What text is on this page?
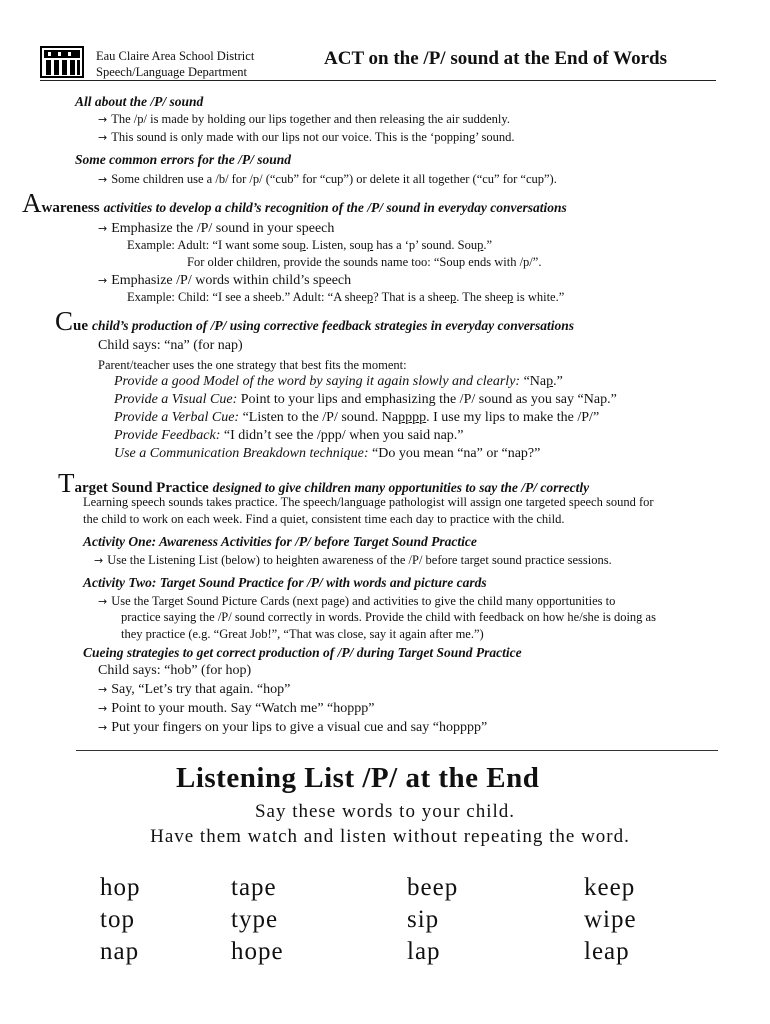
Eau Claire Area School District
Speech/Language Department
ACT on the /P/ sound at the End of Words
All about the /P/ sound
→ The /p/ is made by holding our lips together and then releasing the air suddenly.
→ This sound is only made with our lips not our voice. This is the ‘popping’ sound.
Some common errors for the /P/ sound
→ Some children use a /b/ for /p/ (“cub” for “cup”) or delete it all together (“cu” for “cup”).
Awareness activities to develop a child’s recognition of the /P/ sound in everyday conversations
→ Emphasize the /P/ sound in your speech
Example: Adult: “I want some soup. Listen, soup has a ‘p’ sound. Soup.”
For older children, provide the sounds name too: “Soup ends with /p/”.
→ Emphasize /P/ words within child’s speech
Example: Child: “I see a sheeb.” Adult: “A sheep? That is a sheep. The sheep is white.”
Cue child’s production of /P/ using corrective feedback strategies in everyday conversations
Child says: “na” (for nap)
Parent/teacher uses the one strategy that best fits the moment:
Provide a good Model of the word by saying it again slowly and clearly: “Nap.”
Provide a Visual Cue: Point to your lips and emphasizing the /P/ sound as you say “Nap.”
Provide a Verbal Cue: “Listen to the /P/ sound. Napppp. I use my lips to make the /P/”
Provide Feedback: “I didn’t see the /ppp/ when you said nap.”
Use a Communication Breakdown technique: “Do you mean “na” or “nap?”
Target Sound Practice designed to give children many opportunities to say the /P/ correctly
Learning speech sounds takes practice. The speech/language pathologist will assign one targeted speech sound for
the child to work on each week. Find a quiet, consistent time each day to practice with the child.
Activity One: Awareness Activities for /P/ before Target Sound Practice
→ Use the Listening List (below) to heighten awareness of the /P/ before target sound practice sessions.
Activity Two: Target Sound Practice for /P/ with words and picture cards
→ Use the Target Sound Picture Cards (next page) and activities to give the child many opportunities to
practice saying the /P/ sound correctly in words. Provide the child with feedback on how he/she is doing as
they practice (e.g. “Great Job!”, “That was close, say it again after me.”)
Cueing strategies to get correct production of /P/ during Target Sound Practice
Child says: “hob” (for hop)
→ Say, “Let’s try that again. “hop”
→ Point to your mouth. Say “Watch me” “hoppp”
→ Put your fingers on your lips to give a visual cue and say “hopppp”
Listening List /P/ at the End
Say these words to your child.
Have them watch and listen without repeating the word.
hop
top
nap
tape
type
hope
beep
sip
lap
keep
wipe
leap
